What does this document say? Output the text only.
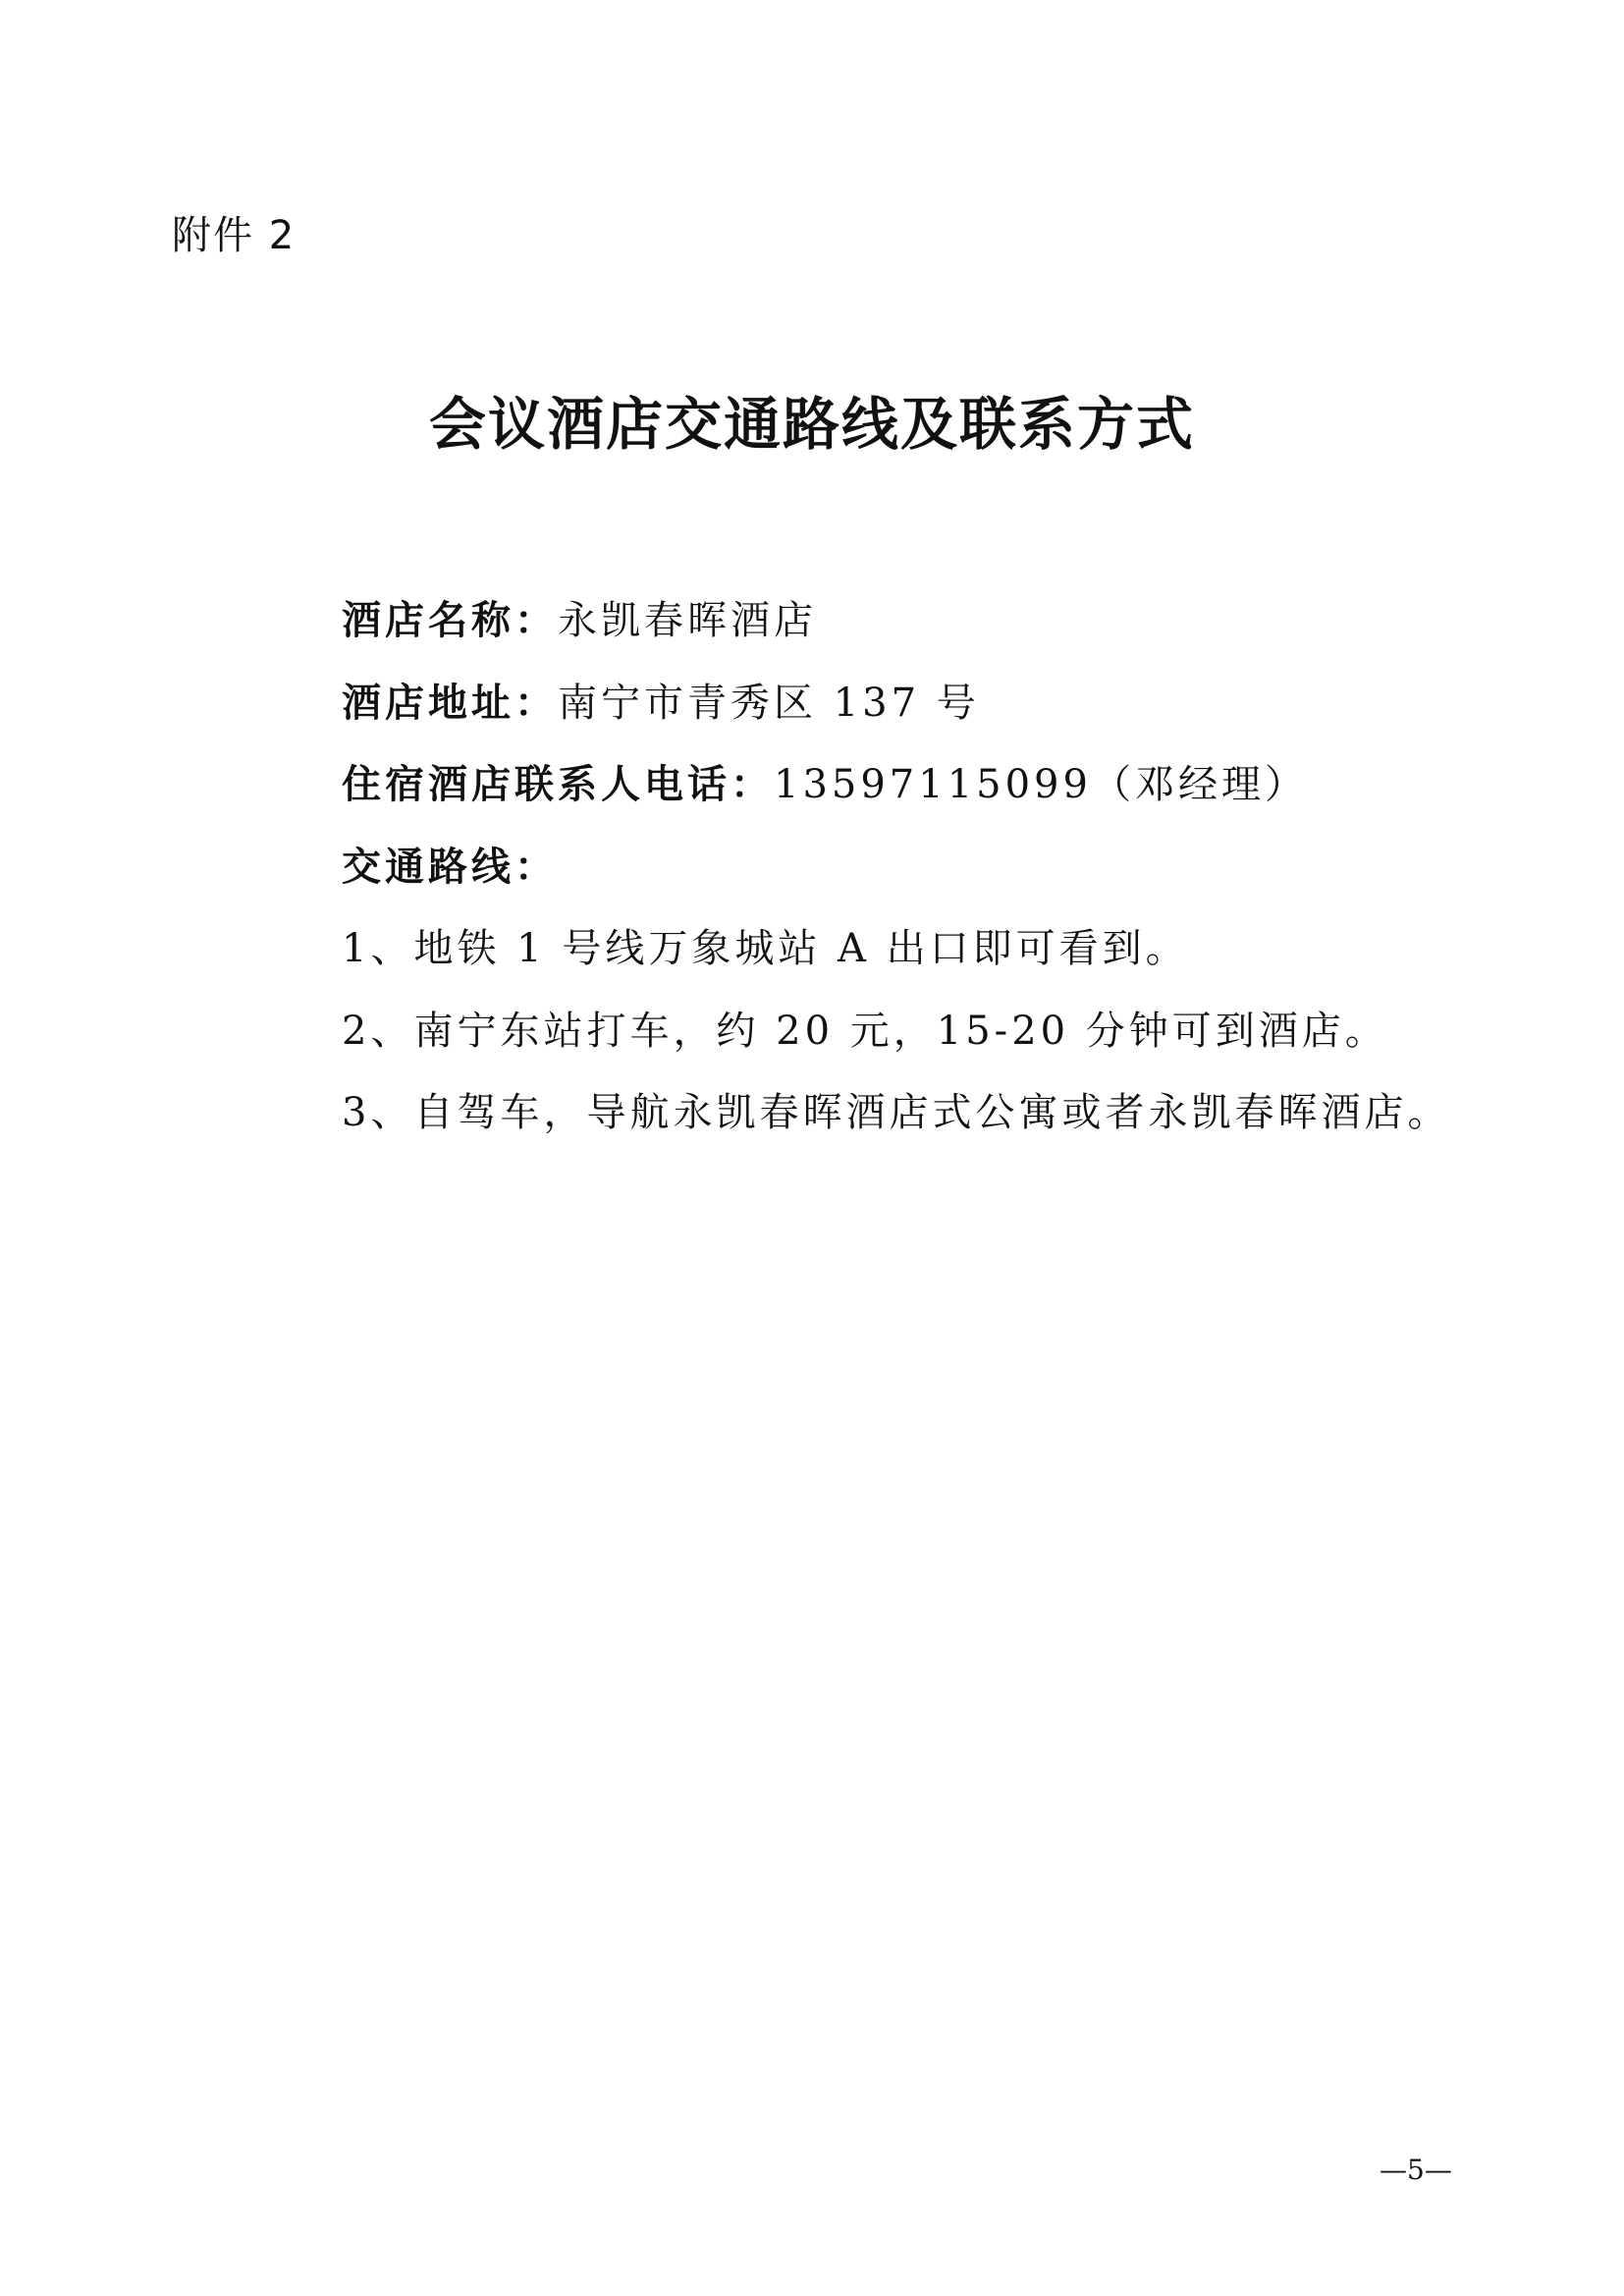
附件 2
会议酒店交通路线及联系方式
酒店名称：永凯春晖酒店
酒店地址：南宁市青秀区 137 号
住宿酒店联系人电话：13597115099（邓经理）
交通路线：
1、地铁 1 号线万象城站 A 出口即可看到。
2、南宁东站打车，约 20 元，15-20 分钟可到酒店。
3、自驾车，导航永凯春晖酒店式公寓或者永凯春晖酒店。
—5—
